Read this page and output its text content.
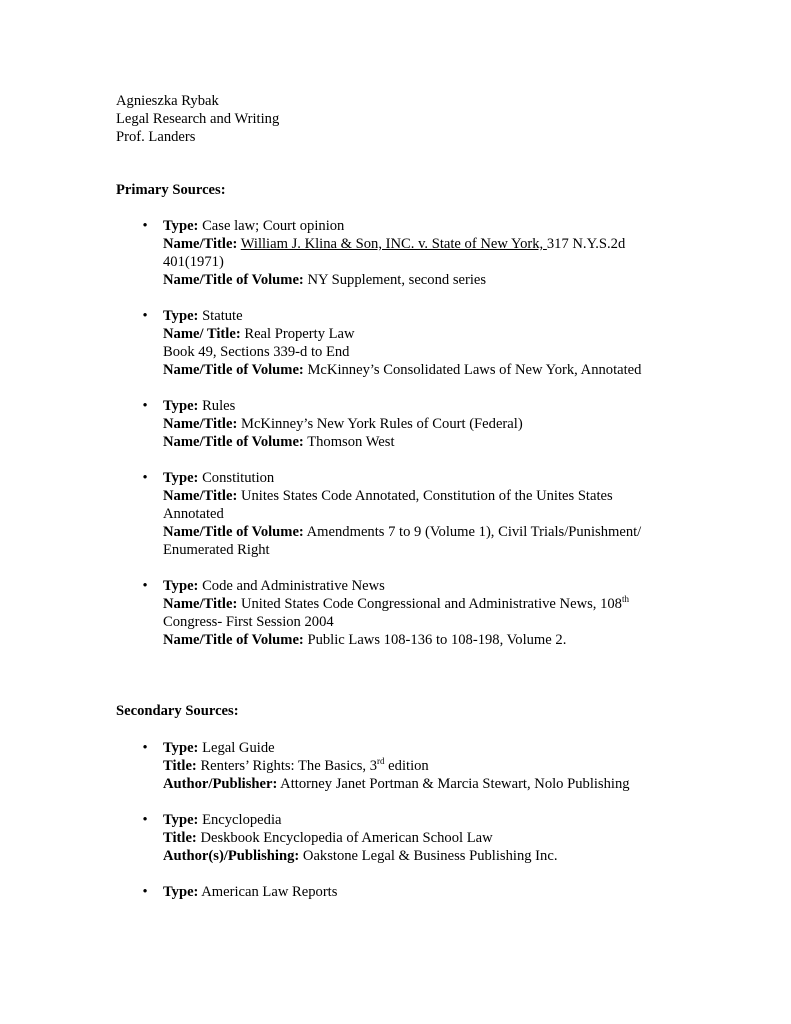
Agnieszka Rybak
Legal Research and Writing
Prof. Landers
Primary Sources:
• Type: Case law; Court opinion
Name/Title: William J. Klina & Son, INC. v. State of New York, 317 N.Y.S.2d
401(1971)
Name/Title of Volume: NY Supplement, second series
• Type: Statute
Name/ Title: Real Property Law
Book 49, Sections 339-d to End
Name/Title of Volume: McKinney’s Consolidated Laws of New York, Annotated
• Type: Rules
Name/Title: McKinney’s New York Rules of Court (Federal)
Name/Title of Volume: Thomson West
• Type: Constitution
Name/Title: Unites States Code Annotated, Constitution of the Unites States
Annotated
Name/Title of Volume: Amendments 7 to 9 (Volume 1), Civil Trials/Punishment/
Enumerated Right
• Type: Code and Administrative News
Name/Title: United States Code Congressional and Administrative News, 108th
Congress- First Session 2004
Name/Title of Volume: Public Laws 108-136 to 108-198, Volume 2.
Secondary Sources:
• Type: Legal Guide
Title: Renters’ Rights: The Basics, 3rd edition
Author/Publisher: Attorney Janet Portman & Marcia Stewart, Nolo Publishing
• Type: Encyclopedia
Title: Deskbook Encyclopedia of American School Law
Author(s)/Publishing: Oakstone Legal & Business Publishing Inc.
• Type: American Law Reports
